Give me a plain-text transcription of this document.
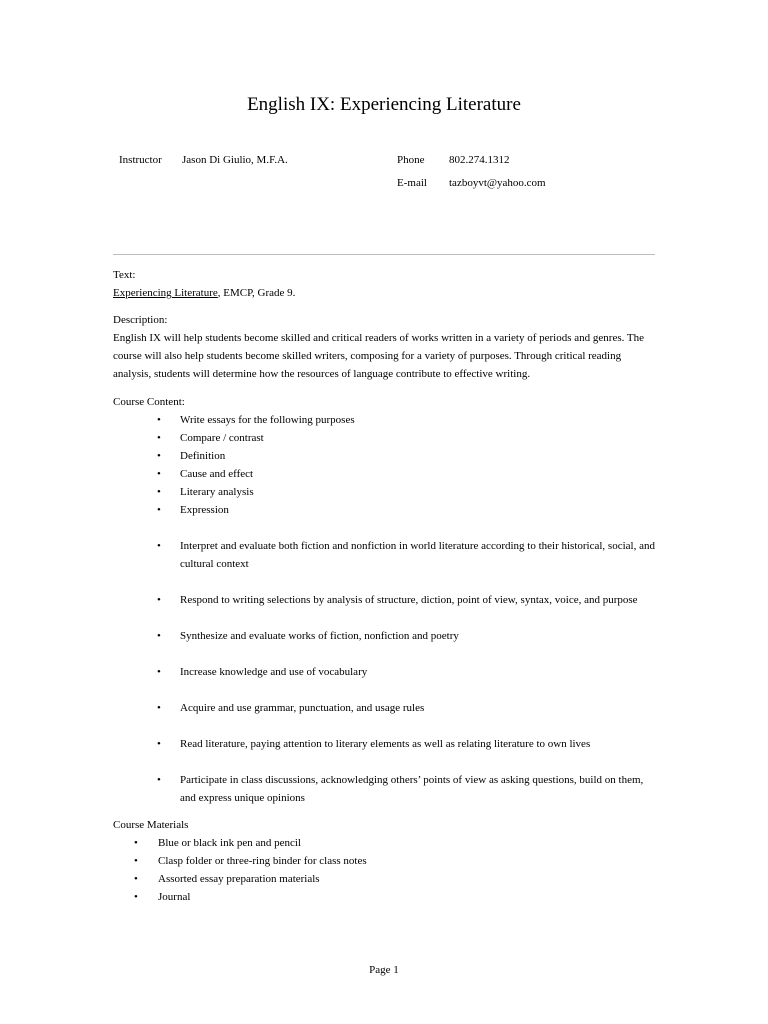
English IX: Experiencing Literature
Instructor Jason Di Giulio, M.F.A.	Phone 802.274.1312
E-mail tazboyvt@yahoo.com

Text:

Experiencing Literature, EMCP, Grade 9.

Description:

English IX will help students become skilled and critical readers of works written in a variety of periods and genres. The course will also help students become skilled writers, composing for a variety of purposes. Through critical reading analysis, students will determine how the resources of language contribute to effective writing.

Course Content:

• Write essays for the following purposes
• Compare / contrast
• Definition
• Cause and effect
• Literary analysis
• Expression
• Interpret and evaluate both fiction and nonfiction in world literature according to their historical, social, and cultural context
• Respond to writing selections by analysis of structure, diction, point of view, syntax, voice, and purpose
• Synthesize and evaluate works of fiction, nonfiction and poetry
• Increase knowledge and use of vocabulary
• Acquire and use grammar, punctuation, and usage rules
• Read literature, paying attention to literary elements as well as relating literature to own lives
• Participate in class discussions, acknowledging others’ points of view as asking questions, build on them, and express unique opinions

Course Materials

• Blue or black ink pen and pencil
• Clasp folder or three-ring binder for class notes
• Assorted essay preparation materials
• Journal
Page 1
